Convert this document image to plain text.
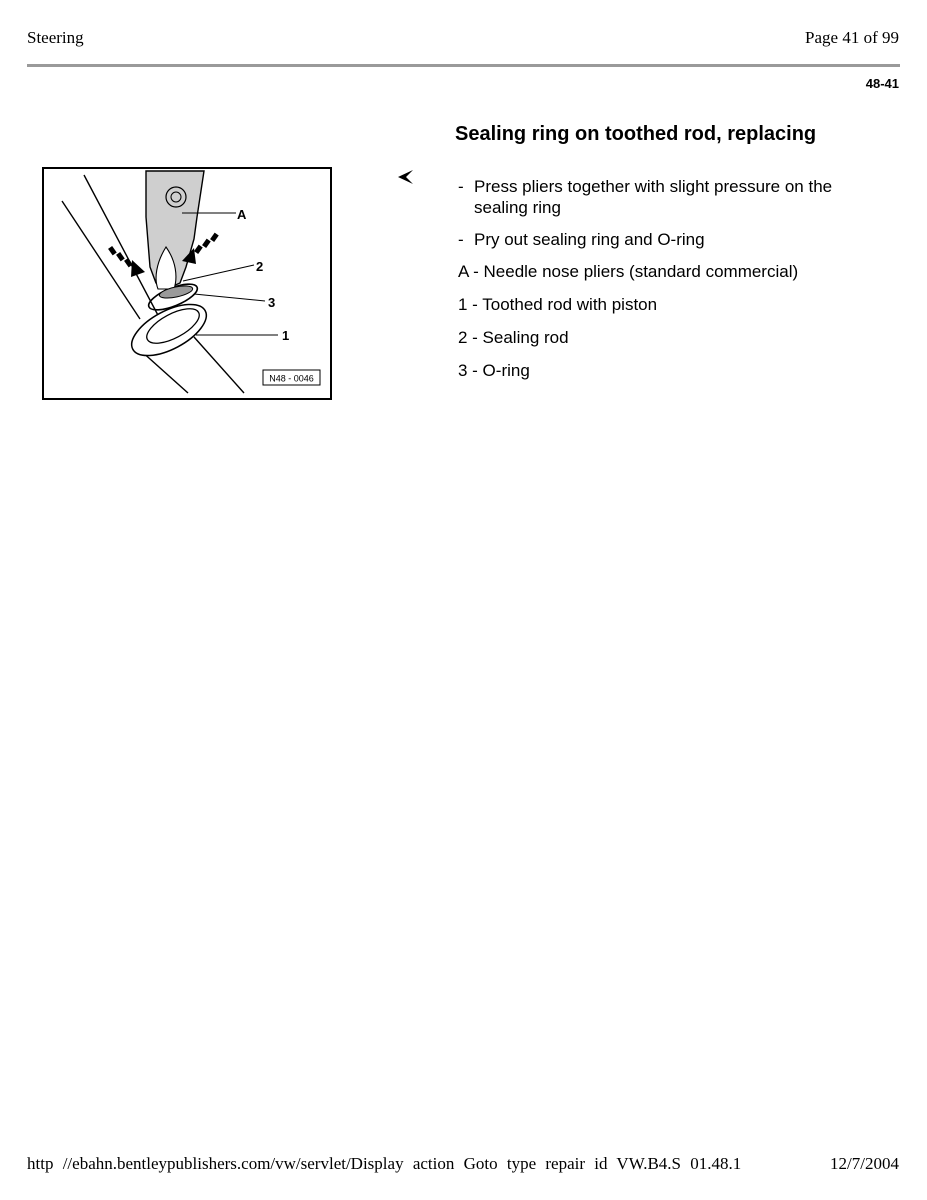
Steering	Page 41 of 99
48-41
Sealing ring on toothed rod, replacing
A
2
3
1
N48 - 0046
- Press pliers together with slight pressure on the
sealing ring
- Pry out sealing ring and O-ring
A - Needle nose pliers (standard commercial)
1 - Toothed rod with piston
2 - Sealing rod
3 - O-ring
http //ebahn.bentleypublishers.com/vw/servlet/Display action Goto type repair id VW.B4.S 01.48.1	12/7/2004
